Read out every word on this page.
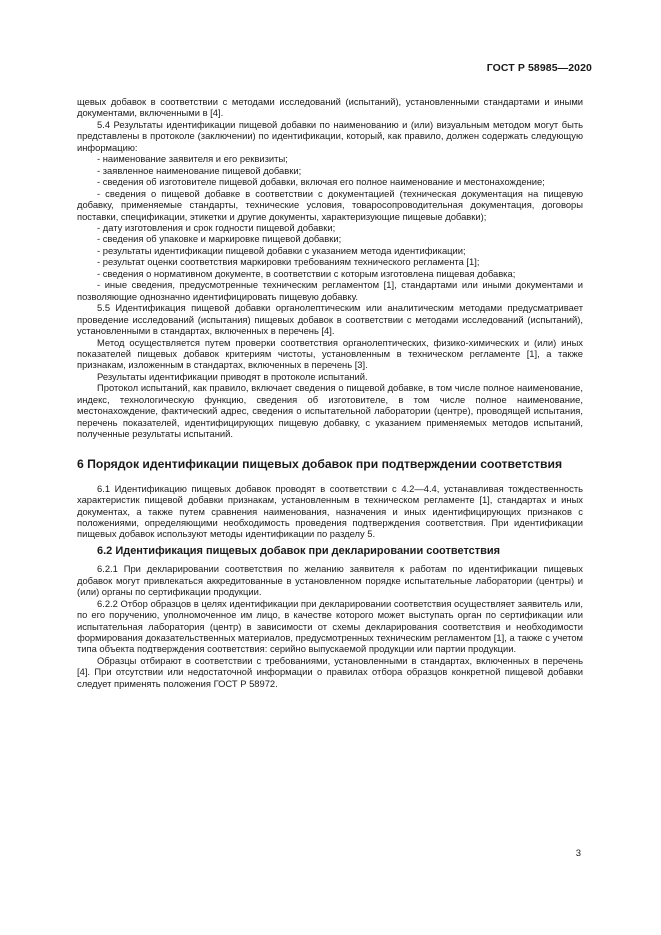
ГОСТ Р 58985—2020

щевых добавок в соответствии с методами исследований (испытаний), установленными стандартами и иными документами, включенными в [4].

5.4 Результаты идентификации пищевой добавки по наименованию и (или) визуальным методом могут быть представлены в протоколе (заключении) по идентификации, который, как правило, должен содержать следующую информацию:

- наименование заявителя и его реквизиты;

- заявленное наименование пищевой добавки;

- сведения об изготовителе пищевой добавки, включая его полное наименование и местонахождение;

- сведения о пищевой добавке в соответствии с документацией (техническая документация на пищевую добавку, применяемые стандарты, технические условия, товаросопроводительная документация, договоры поставки, спецификации, этикетки и другие документы, характеризующие пищевые добавки);

- дату изготовления и срок годности пищевой добавки;

- сведения об упаковке и маркировке пищевой добавки;

- результаты идентификации пищевой добавки с указанием метода идентификации;

- результат оценки соответствия маркировки требованиям технического регламента [1];

- сведения о нормативном документе, в соответствии с которым изготовлена пищевая добавка;

- иные сведения, предусмотренные техническим регламентом [1], стандартами или иными документами и позволяющие однозначно идентифицировать пищевую добавку.

5.5 Идентификация пищевой добавки органолептическим или аналитическим методами предусматривает проведение исследований (испытания) пищевых добавок в соответствии с методами исследований (испытаний), установленными в стандартах, включенных в перечень [4].

Метод осуществляется путем проверки соответствия органолептических, физико-химических и (или) иных показателей пищевых добавок критериям чистоты, установленным в техническом регламенте [1], а также признакам, изложенным в стандартах, включенных в перечень [3].

Результаты идентификации приводят в протоколе испытаний.

Протокол испытаний, как правило, включает сведения о пищевой добавке, в том числе полное наименование, индекс, технологическую функцию, сведения об изготовителе, в том числе полное наименование, местонахождение, фактический адрес, сведения о испытательной лаборатории (центре), проводящей испытания, перечень показателей, идентифицирующих пищевую добавку, с указанием применяемых методов испытаний, полученные результаты испытаний.

6 Порядок идентификации пищевых добавок при подтверждении соответствия

6.1 Идентификацию пищевых добавок проводят в соответствии с 4.2—4.4, устанавливая тождественность характеристик пищевой добавки признакам, установленным в техническом регламенте [1], стандартах и иных документах, а также путем сравнения наименования, назначения и иных идентифицирующих признаков с положениями, определяющими необходимость проведения подтверждения соответствия. При идентификации пищевых добавок используют методы идентификации по разделу 5.

6.2 Идентификация пищевых добавок при декларировании соответствия

6.2.1 При декларировании соответствия по желанию заявителя к работам по идентификации пищевых добавок могут привлекаться аккредитованные в установленном порядке испытательные лаборатории (центры) и (или) органы по сертификации продукции.

6.2.2 Отбор образцов в целях идентификации при декларировании соответствия осуществляет заявитель или, по его поручению, уполномоченное им лицо, в качестве которого может выступать орган по сертификации или испытательная лаборатория (центр) в зависимости от схемы декларирования соответствия и необходимости формирования доказательственных материалов, предусмотренных техническим регламентом [1], а также с учетом типа объекта подтверждения соответствия: серийно выпускаемой продукции или партии продукции.

Образцы отбирают в соответствии с требованиями, установленными в стандартах, включенных в перечень [4]. При отсутствии или недостаточной информации о правилах отбора образцов конкретной пищевой добавки следует применять положения ГОСТ Р 58972.

3
